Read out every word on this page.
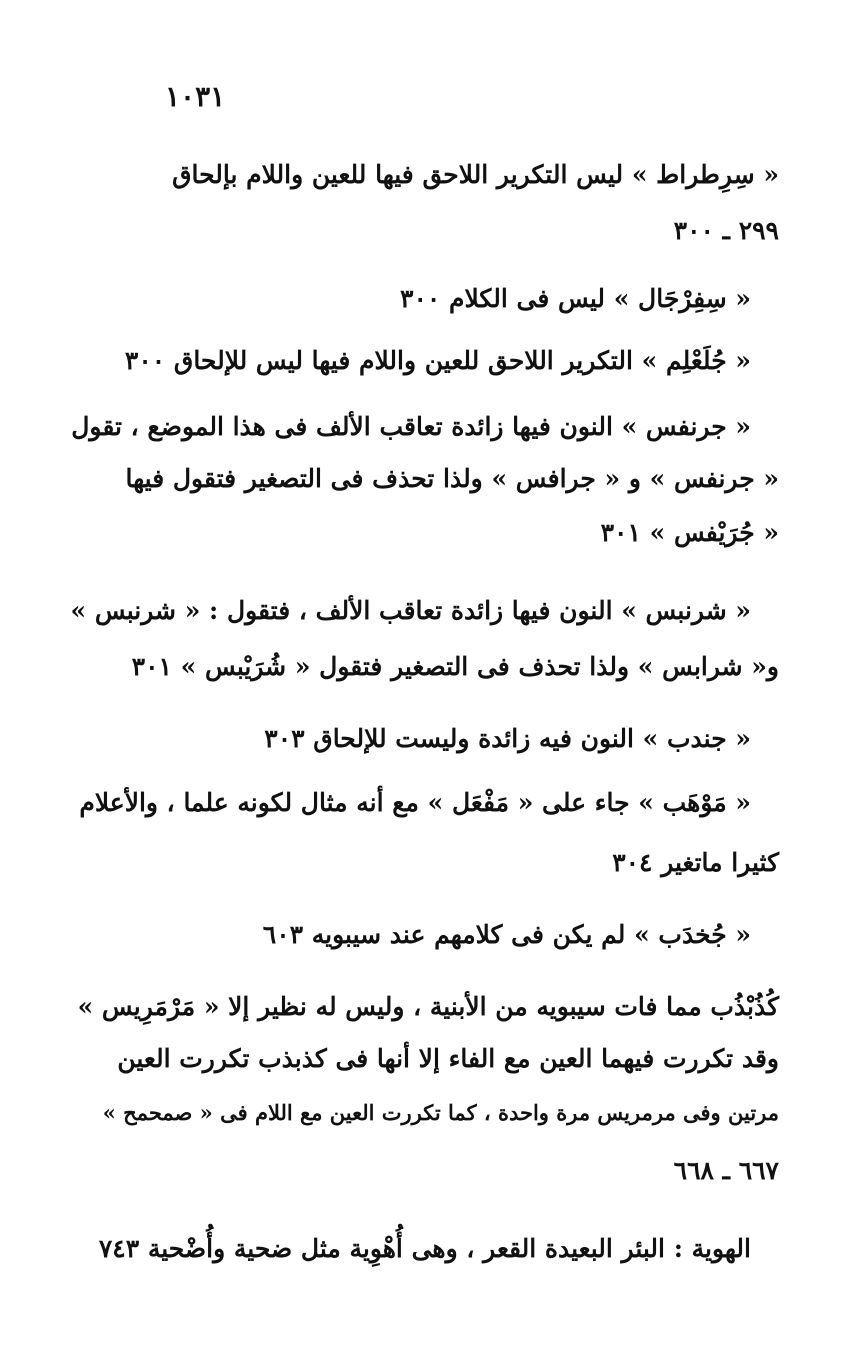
١٠٣١
« سِرِطراط » ليس التكرير اللاحق فيها للعين واللام بإلحاق
٢٩٩ ـ ٣٠٠
« سِفِرْجَال » ليس فى الكلام ٣٠٠
« جُلَعْلِم » التكرير اللاحق للعين واللام فيها ليس للإلحاق ٣٠٠
« جرنفس » النون فيها زائدة تعاقب الألف فى هذا الموضع ، تقول
« جرنفس » و « جرافس » ولذا تحذف فى التصغير فتقول فيها
« جُرَيْفس » ٣٠١
« شرنبس » النون فيها زائدة تعاقب الألف ، فتقول : « شرنبس »
و« شرابس » ولذا تحذف فى التصغير فتقول « شُرَيْبس » ٣٠١
« جندب » النون فيه زائدة وليست للإلحاق ٣٠٣
« مَوْهَب » جاء على « مَفْعَل » مع أنه مثال لكونه علما ، والأعلام
كثيرا ماتغير ٣٠٤
« جُخدَب » لم يكن فى كلامهم عند سيبويه ٦٠٣
كُذُبْذُب مما فات سيبويه من الأبنية ، وليس له نظير إلا « مَرْمَرِيس »
وقد تكررت فيهما العين مع الفاء إلا أنها فى كذبذب تكررت العين
مرتين وفى مرمريس مرة واحدة ، كما تكررت العين مع اللام فى « صمحمح »
٦٦٧ ـ ٦٦٨
الهوية : البئر البعيدة القعر ، وهى أُهْوِية مثل ضحية وأُضْحية ٧٤٣
